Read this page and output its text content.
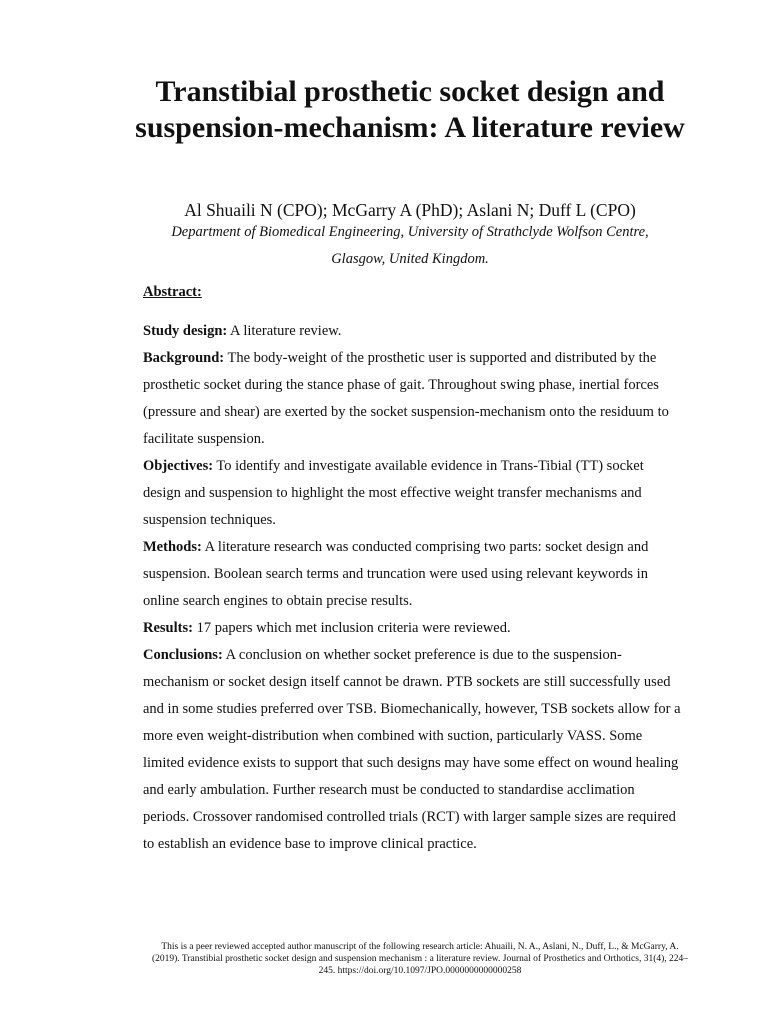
Transtibial prosthetic socket design and suspension-mechanism: A literature review

Al Shuaili N (CPO); McGarry A (PhD); Aslani N; Duff L (CPO)

Department of Biomedical Engineering, University of Strathclyde Wolfson Centre, Glasgow, United Kingdom.

Abstract:

Study design: A literature review.

Background: The body-weight of the prosthetic user is supported and distributed by the prosthetic socket during the stance phase of gait. Throughout swing phase, inertial forces (pressure and shear) are exerted by the socket suspension-mechanism onto the residuum to facilitate suspension.

Objectives: To identify and investigate available evidence in Trans-Tibial (TT) socket design and suspension to highlight the most effective weight transfer mechanisms and suspension techniques.

Methods: A literature research was conducted comprising two parts: socket design and suspension. Boolean search terms and truncation were used using relevant keywords in online search engines to obtain precise results.

Results: 17 papers which met inclusion criteria were reviewed.

Conclusions: A conclusion on whether socket preference is due to the suspension-mechanism or socket design itself cannot be drawn. PTB sockets are still successfully used and in some studies preferred over TSB. Biomechanically, however, TSB sockets allow for a more even weight-distribution when combined with suction, particularly VASS. Some limited evidence exists to support that such designs may have some effect on wound healing and early ambulation. Further research must be conducted to standardise acclimation periods. Crossover randomised controlled trials (RCT) with larger sample sizes are required to establish an evidence base to improve clinical practice.

This is a peer reviewed accepted author manuscript of the following research article: Ahuaili, N. A., Aslani, N., Duff, L., & McGarry, A. (2019). Transtibial prosthetic socket design and suspension mechanism : a literature review. Journal of Prosthetics and Orthotics, 31(4), 224–245. https://doi.org/10.1097/JPO.0000000000000258
